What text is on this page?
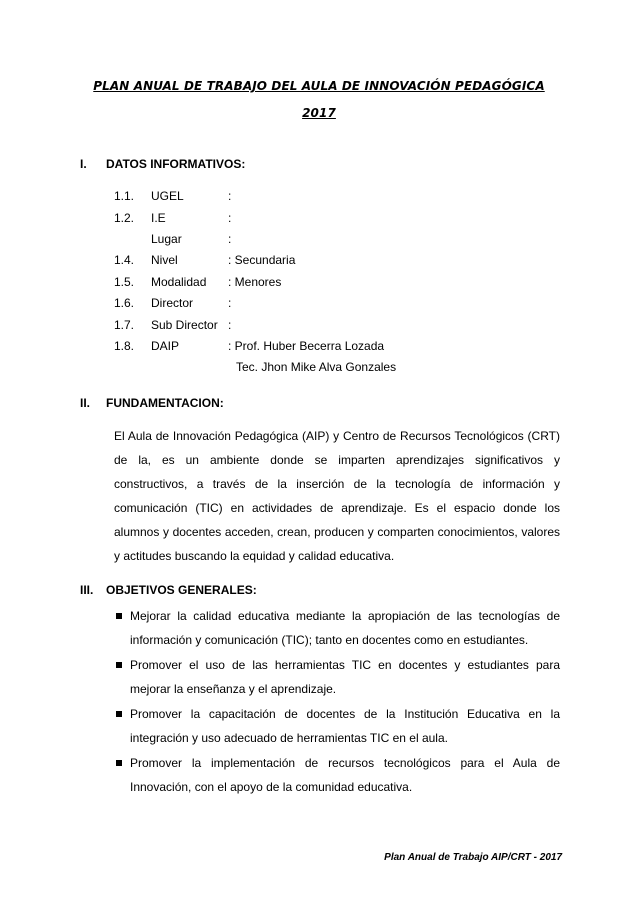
PLAN ANUAL DE TRABAJO DEL AULA DE INNOVACIÓN PEDAGÓGICA
2017
I. DATOS INFORMATIVOS:
1.1. UGEL	:
1.2. I.E	:
Lugar	:
1.4. Nivel	: Secundaria
1.5. Modalidad : Menores
1.6. Director	:
1.7. Sub Director :
1.8. DAIP	: Prof. Huber Becerra Lozada
Tec. Jhon Mike Alva Gonzales
II. FUNDAMENTACION:
El Aula de Innovación Pedagógica (AIP) y Centro de Recursos Tecnológicos (CRT) de la, es un ambiente donde se imparten aprendizajes significativos y constructivos, a través de la inserción de la tecnología de información y comunicación (TIC) en actividades de aprendizaje. Es el espacio donde los alumnos y docentes acceden, crean, producen y comparten conocimientos, valores y actitudes buscando la equidad y calidad educativa.
III. OBJETIVOS GENERALES:
Mejorar la calidad educativa mediante la apropiación de las tecnologías de información y comunicación (TIC); tanto en docentes como en estudiantes.
Promover el uso de las herramientas TIC en docentes y estudiantes para mejorar la enseñanza y el aprendizaje.
Promover la capacitación de docentes de la Institución Educativa en la integración y uso adecuado de herramientas TIC en el aula.
Promover la implementación de recursos tecnológicos para el Aula de Innovación, con el apoyo de la comunidad educativa.
Plan Anual de Trabajo AIP/CRT - 2017
